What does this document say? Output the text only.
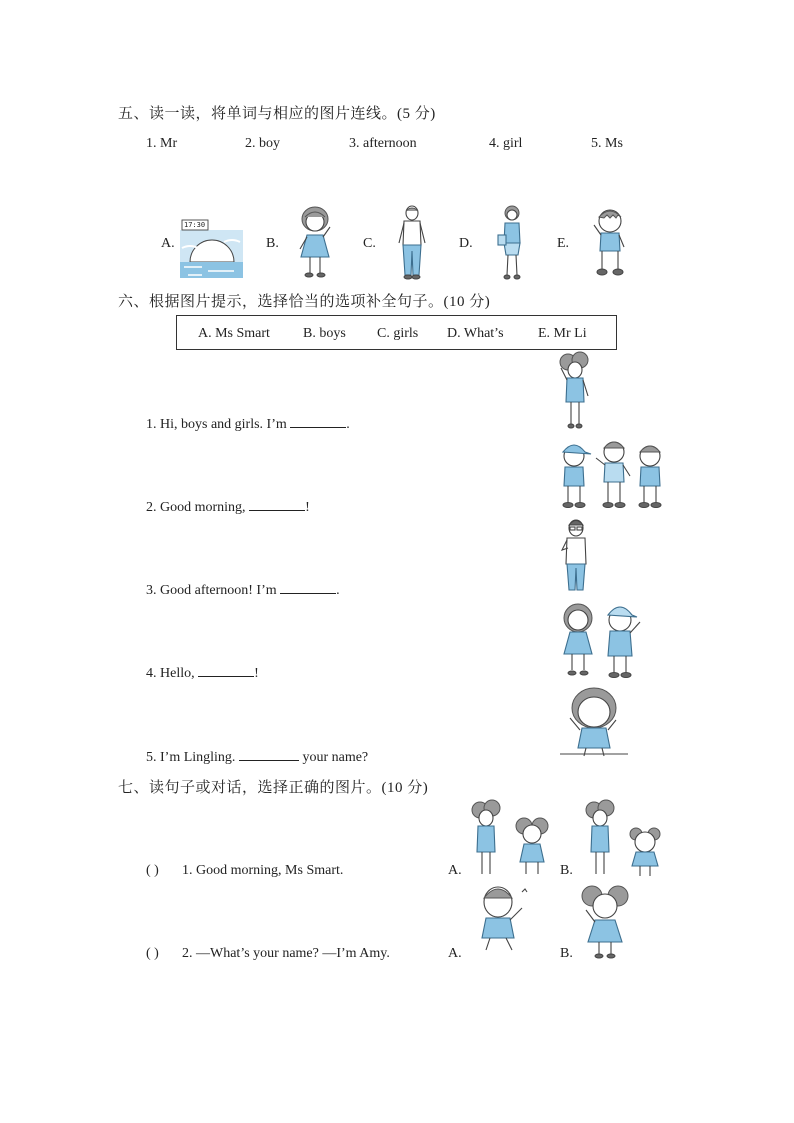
五、读一读，将单词与相应的图片连线。(5 分)
1. Mr	2. boy	3. afternoon	4. girl	5. Ms
A.	B.	C.	D.	E.
17:30
六、根据图片提示，选择恰当的选项补全句子。(10 分)
A. Ms Smart B. boys C. girls D. What’s E. Mr Li
1. Hi, boys and girls. I’m	.
2. Good morning,	!
3. Good afternoon! I’m	.
4. Hello,	!
5. I’m Lingling.	your name?
七、读句子或对话，选择正确的图片。(10 分)
( ) 1. Good morning, Ms Smart.	A.	B.
( ) 2. —What’s your name? —I’m Amy.	A.	B.
